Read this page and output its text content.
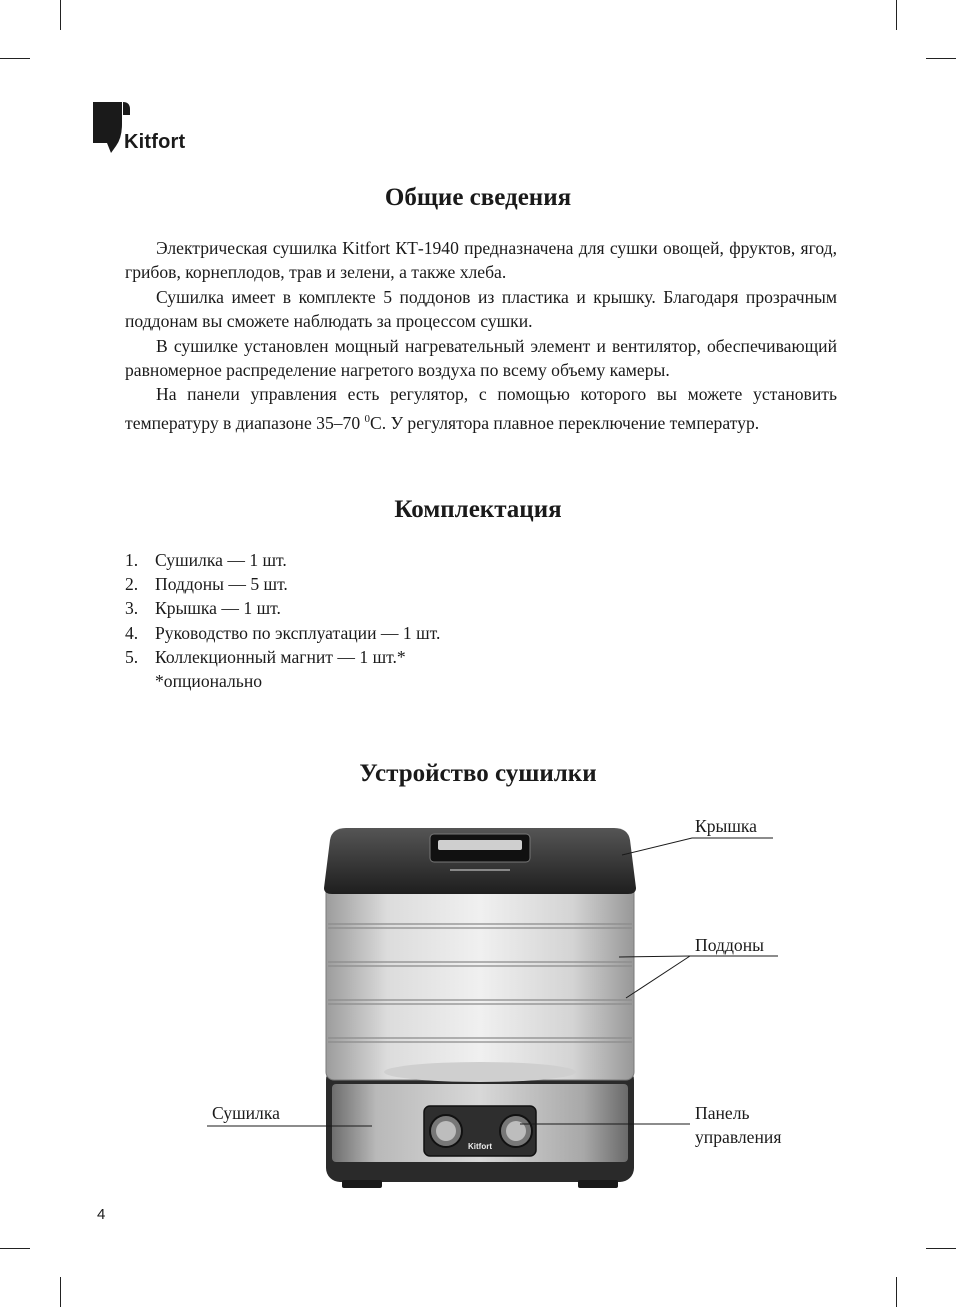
Kitfort
Общие сведения

Электрическая сушилка Kitfort КТ-1940 предназначена для сушки овощей, фруктов, ягод, грибов, корнеплодов, трав и зелени, а также хлеба.

Сушилка имеет в комплекте 5 поддонов из пластика и крышку. Благодаря прозрачным поддонам вы сможете наблюдать за процессом сушки.

В сушилке установлен мощный нагревательный элемент и вентилятор, обеспечивающий равномерное распределение нагретого воздуха по всему объему камеры.

На панели управления есть регулятор, с помощью которого вы можете установить температуру в диапазоне 35–70 $^0$С. У регулятора плавное переключение температур.

Комплектация
1. Сушилка — 1 шт.
2. Поддоны — 5 шт.
3. Крышка — 1 шт.
4. Руководство по эксплуатации — 1 шт.
5. Коллекционный магнит — 1 шт.*
*опционально
Устройство сушилки
Kitfort
Крышка
Поддоны
Сушилка	Панель
управления
4
